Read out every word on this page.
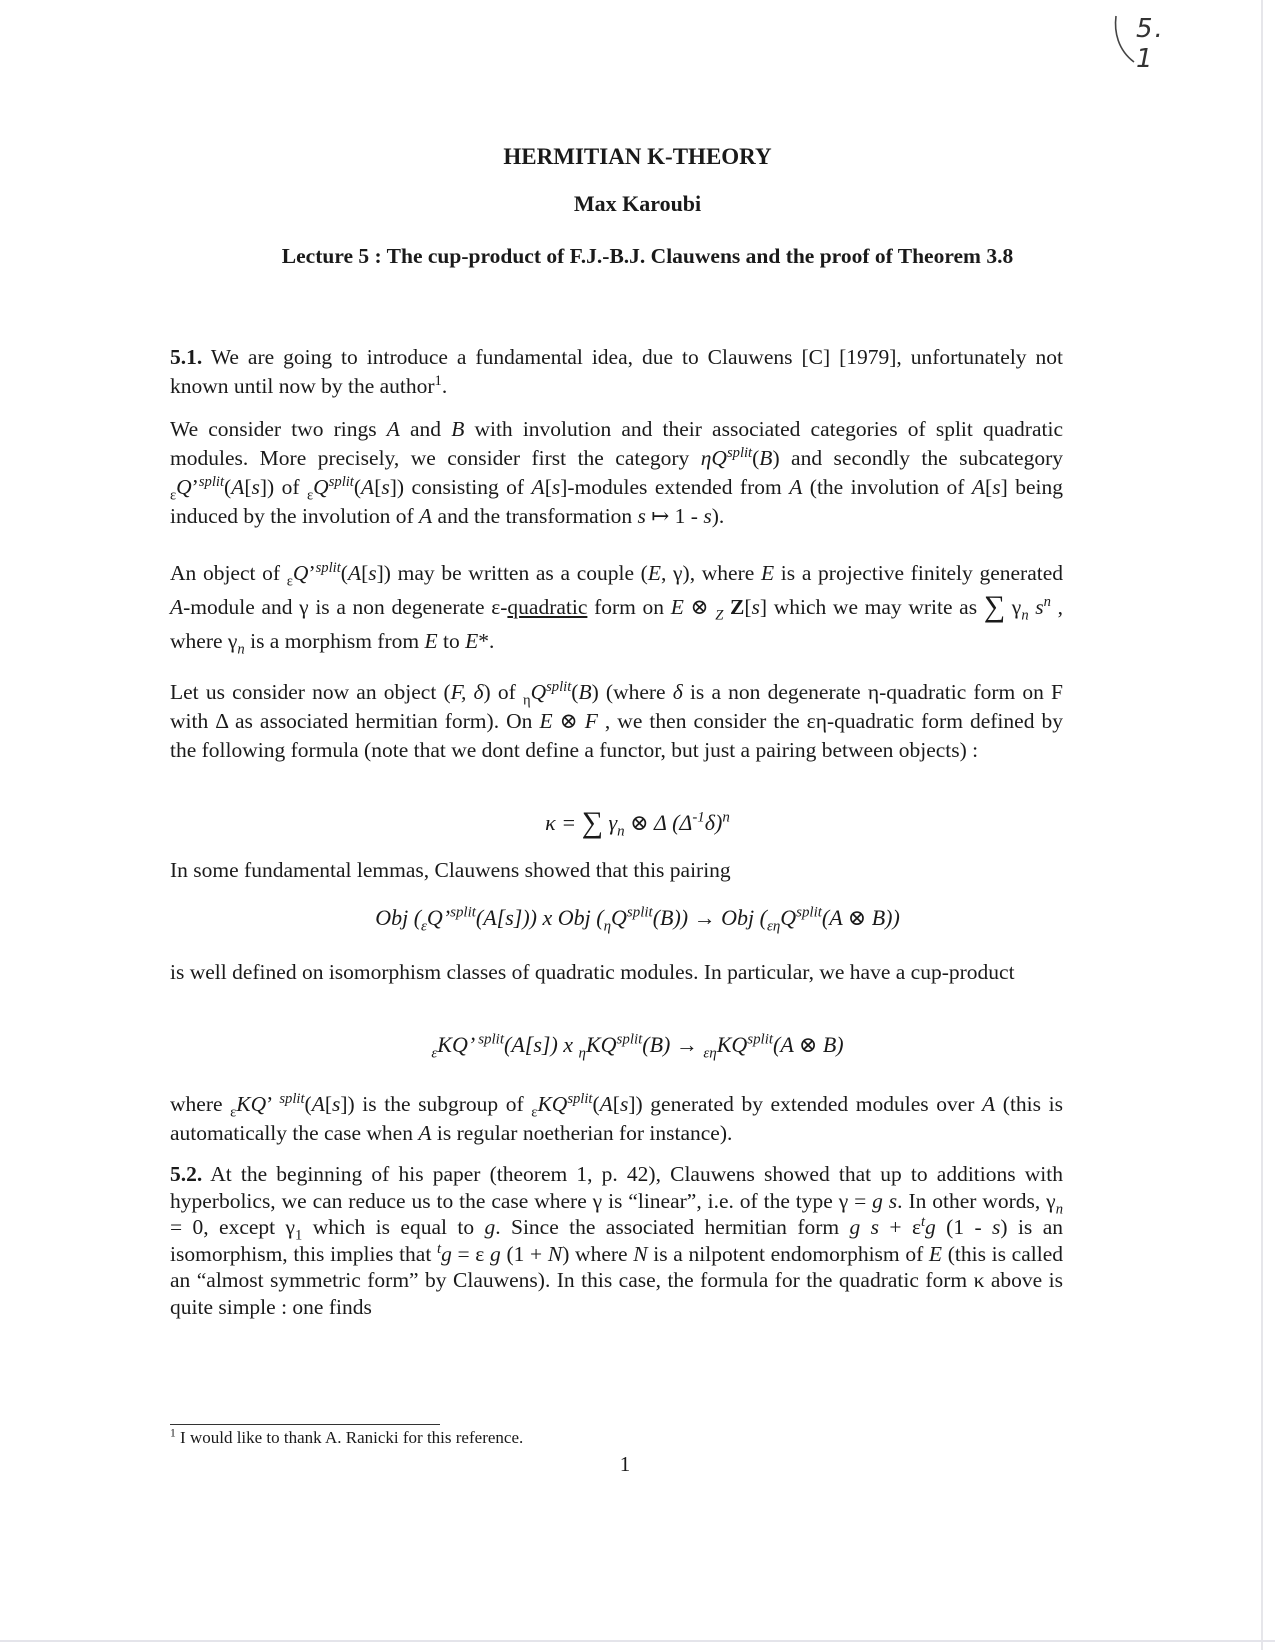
5. 1
HERMITIAN K-THEORY
Max Karoubi
Lecture 5 : The cup-product of F.J.-B.J. Clauwens and the proof of Theorem 3.8
5.1. We are going to introduce a fundamental idea, due to Clauwens [C] [1979], unfortunately not known until now by the author$^1$.
We consider two rings A and B with involution and their associated categories of split quadratic modules. More precisely, we consider first the category $\eta Q^{split}(B)$ and secondly the subcategory $_\varepsilon$Q’$^{split}$(A[s]) of $_\varepsilon Q^{split}(A[s])$ consisting of A[s]-modules extended from A (the involution of A[s] being induced by the involution of A and the transformation s ↦ 1 - s).
An object of $_\varepsilon$Q’$^{split}$(A[s]) may be written as a couple (E, γ), where E is a projective finitely generated A-module and γ is a non degenerate ε-quadratic form on E ⊗ $_Z$ Z[s] which we may write as ∑ $\gamma_n$ $s^n$ , where $\gamma_n$ is a morphism from E to E*.
Let us consider now an object (F, δ) of $_\eta Q^{split}(B)$ (where δ is a non degenerate η-quadratic form on F with Δ as associated hermitian form). On E ⊗ F , we then consider the εη-quadratic form defined by the following formula (note that we dont define a functor, but just a pairing between objects) :
κ = ∑ $\gamma_n$ ⊗ Δ $(\Delta^{-1}\delta)^n$
In some fundamental lemmas, Clauwens showed that this pairing
Obj $(_\varepsilon Q’^{split}(A[s]))$ x Obj $(_\eta Q^{split}(B))$ → Obj ($_{\varepsilon\eta}Q^{split}(A$ ⊗ B))
is well defined on isomorphism classes of quadratic modules. In particular, we have a cup-product
$_\varepsilon$KQ’ $^{split}$(A[s]) x $_\eta KQ^{split}(B) \to _{\varepsilon\eta}KQ^{split}(A$ ⊗ B)
where $_\varepsilon$KQ’ $^{split}$(A[s]) is the subgroup of $_\varepsilon KQ^{split}(A[s])$ generated by extended modules over A (this is automatically the case when A is regular noetherian for instance).
5.2. At the beginning of his paper (theorem 1, p. 42), Clauwens showed that up to additions with hyperbolics, we can reduce us to the case where γ is “linear”, i.e. of the type γ = g s. In other words, $\gamma_n = 0$, except $\gamma_1$ which is equal to g. Since the associated hermitian form g $s + \varepsilon^tg$ (1 - s) is an isomorphism, this implies that $^t$g = ε g (1 + N) where N is a nilpotent endomorphism of E (this is called an “almost symmetric form” by Clauwens). In this case, the formula for the quadratic form κ above is quite simple : one finds
$^1$ I would like to thank A. Ranicki for this reference.
1
